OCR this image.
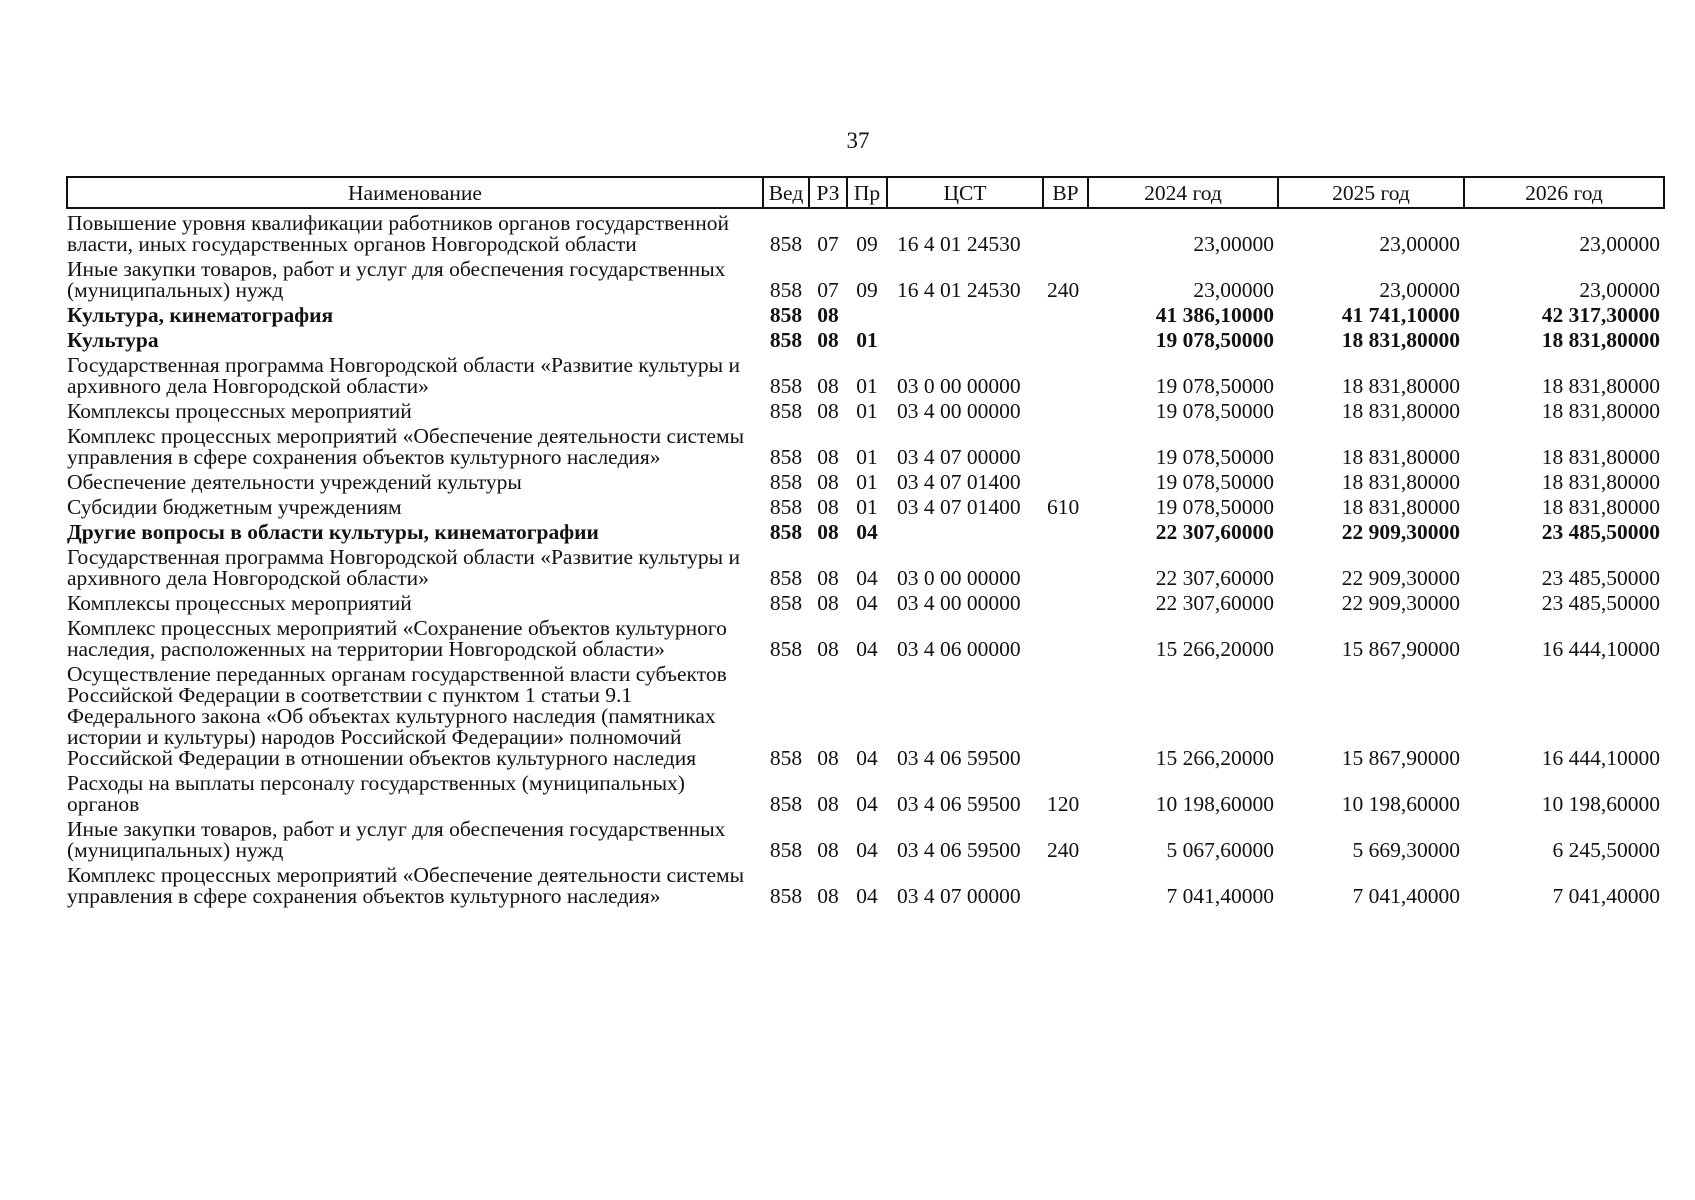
37
Наименование	Вед	РЗ	Пр	ЦСТ	ВР	2024 год	2025 год	2026 год
Повышение уровня квалификации работников органов государственной власти, иных государственных органов Новгородской области	858	07	09	16 4 01 24530		23,00000	23,00000	23,00000
Иные закупки товаров, работ и услуг для обеспечения государственных (муниципальных) нужд	858	07	09	16 4 01 24530	240	23,00000	23,00000	23,00000
Культура, кинематография	858	08				41 386,10000	41 741,10000	42 317,30000
Культура	858	08	01			19 078,50000	18 831,80000	18 831,80000
Государственная программа Новгородской области «Развитие культуры и архивного дела Новгородской области»	858	08	01	03 0 00 00000		19 078,50000	18 831,80000	18 831,80000
Комплексы процессных мероприятий	858	08	01	03 4 00 00000		19 078,50000	18 831,80000	18 831,80000
Комплекс процессных мероприятий «Обеспечение деятельности системы управления в сфере сохранения объектов культурного наследия»	858	08	01	03 4 07 00000		19 078,50000	18 831,80000	18 831,80000
Обеспечение деятельности учреждений культуры	858	08	01	03 4 07 01400		19 078,50000	18 831,80000	18 831,80000
Субсидии бюджетным учреждениям	858	08	01	03 4 07 01400	610	19 078,50000	18 831,80000	18 831,80000
Другие вопросы в области культуры, кинематографии	858	08	04			22 307,60000	22 909,30000	23 485,50000
Государственная программа Новгородской области «Развитие культуры и архивного дела Новгородской области»	858	08	04	03 0 00 00000		22 307,60000	22 909,30000	23 485,50000
Комплексы процессных мероприятий	858	08	04	03 4 00 00000		22 307,60000	22 909,30000	23 485,50000
Комплекс процессных мероприятий «Сохранение объектов культурного наследия, расположенных на территории Новгородской области»	858	08	04	03 4 06 00000		15 266,20000	15 867,90000	16 444,10000
Осуществление переданных органам государственной власти субъектов Российской Федерации в соответствии с пунктом 1 статьи 9.1 Федерального закона «Об объектах культурного наследия (памятниках истории и культуры) народов Российской Федерации» полномочий Российской Федерации в отношении объектов культурного наследия	858	08	04	03 4 06 59500		15 266,20000	15 867,90000	16 444,10000
Расходы на выплаты персоналу государственных (муниципальных) органов	858	08	04	03 4 06 59500	120	10 198,60000	10 198,60000	10 198,60000
Иные закупки товаров, работ и услуг для обеспечения государственных (муниципальных) нужд	858	08	04	03 4 06 59500	240	5 067,60000	5 669,30000	6 245,50000
Комплекс процессных мероприятий «Обеспечение деятельности системы управления в сфере сохранения объектов культурного наследия»	858	08	04	03 4 07 00000		7 041,40000	7 041,40000	7 041,40000
